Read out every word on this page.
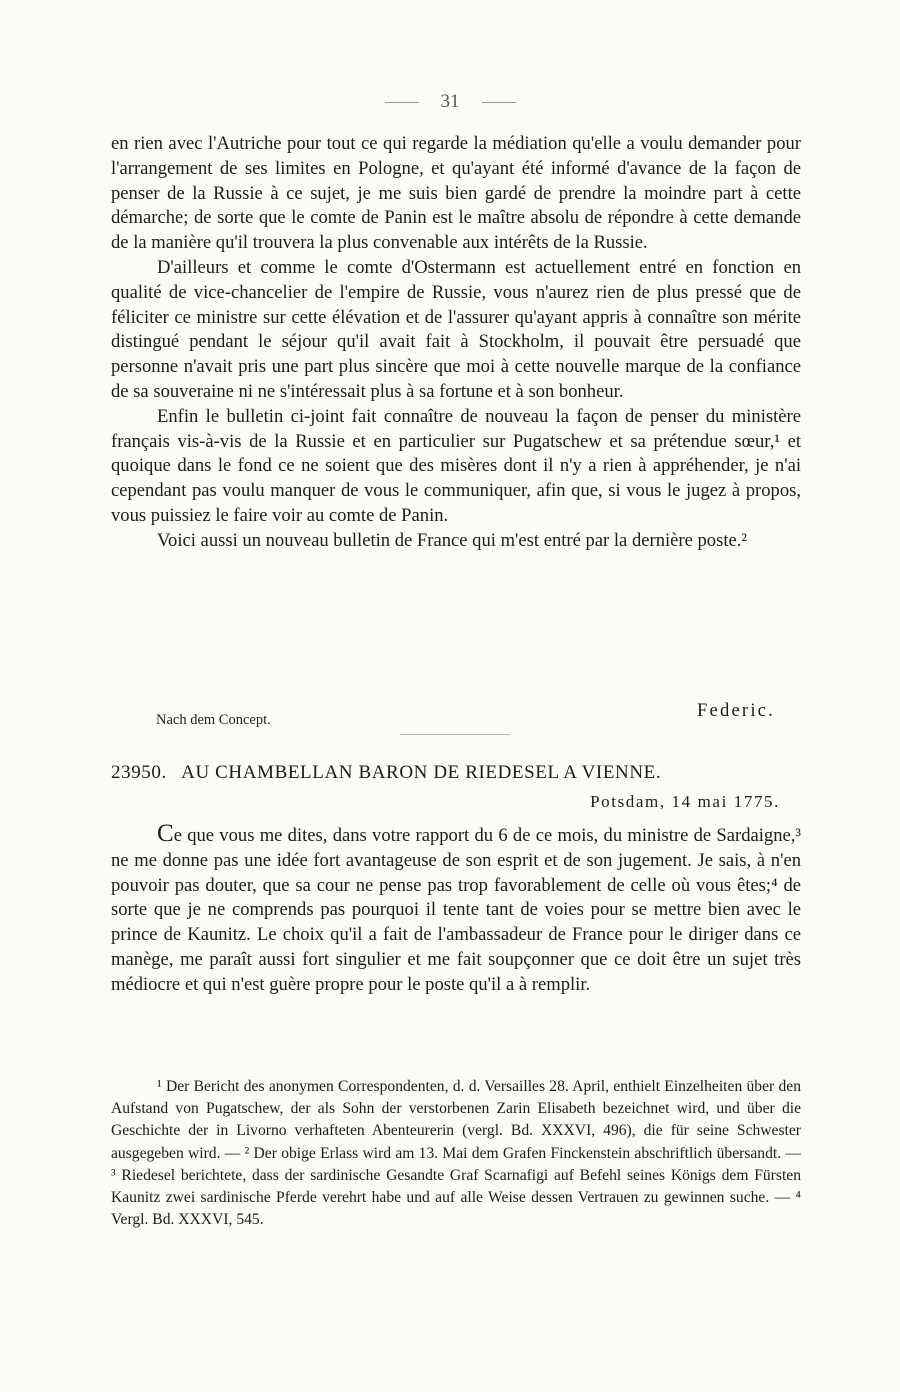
31

en rien avec l'Autriche pour tout ce qui regarde la médiation qu'elle a voulu demander pour l'arrangement de ses limites en Pologne, et qu'ayant été informé d'avance de la façon de penser de la Russie à ce sujet, je me suis bien gardé de prendre la moindre part à cette démarche; de sorte que le comte de Panin est le maître absolu de répondre à cette demande de la manière qu'il trouvera la plus convenable aux intérêts de la Russie.

D'ailleurs et comme le comte d'Ostermann est actuellement entré en fonction en qualité de vice-chancelier de l'empire de Russie, vous n'aurez rien de plus pressé que de féliciter ce ministre sur cette élévation et de l'assurer qu'ayant appris à connaître son mérite distingué pendant le séjour qu'il avait fait à Stockholm, il pouvait être persuadé que personne n'avait pris une part plus sincère que moi à cette nouvelle marque de la confiance de sa souveraine ni ne s'intéressait plus à sa fortune et à son bonheur.

Enfin le bulletin ci-joint fait connaître de nouveau la façon de penser du ministère français vis-à-vis de la Russie et en particulier sur Pugatschew et sa prétendue sœur,¹ et quoique dans le fond ce ne soient que des misères dont il n'y a rien à appréhender, je n'ai cependant pas voulu manquer de vous le communiquer, afin que, si vous le jugez à propos, vous puissiez le faire voir au comte de Panin.

Voici aussi un nouveau bulletin de France qui m'est entré par la dernière poste.²

Nach dem Concept.	Federic.
23950. AU CHAMBELLAN BARON DE RIEDESEL A VIENNE.
Potsdam, 14 mai 1775.

Ce que vous me dites, dans votre rapport du 6 de ce mois, du ministre de Sardaigne,³ ne me donne pas une idée fort avantageuse de son esprit et de son jugement. Je sais, à n'en pouvoir pas douter, que sa cour ne pense pas trop favorablement de celle où vous êtes;⁴ de sorte que je ne comprends pas pourquoi il tente tant de voies pour se mettre bien avec le prince de Kaunitz. Le choix qu'il a fait de l'ambassadeur de France pour le diriger dans ce manège, me paraît aussi fort singulier et me fait soupçonner que ce doit être un sujet très médiocre et qui n'est guère propre pour le poste qu'il a à remplir.

¹ Der Bericht des anonymen Correspondenten, d. d. Versailles 28. April, enthielt Einzelheiten über den Aufstand von Pugatschew, der als Sohn der verstorbenen Zarin Elisabeth bezeichnet wird, und über die Geschichte der in Livorno verhafteten Abenteurerin (vergl. Bd. XXXVI, 496), die für seine Schwester ausgegeben wird. — ² Der obige Erlass wird am 13. Mai dem Grafen Finckenstein abschriftlich übersandt. — ³ Riedesel berichtete, dass der sardinische Gesandte Graf Scarnafigi auf Befehl seines Königs dem Fürsten Kaunitz zwei sardinische Pferde verehrt habe und auf alle Weise dessen Vertrauen zu gewinnen suche. — ⁴ Vergl. Bd. XXXVI, 545.
